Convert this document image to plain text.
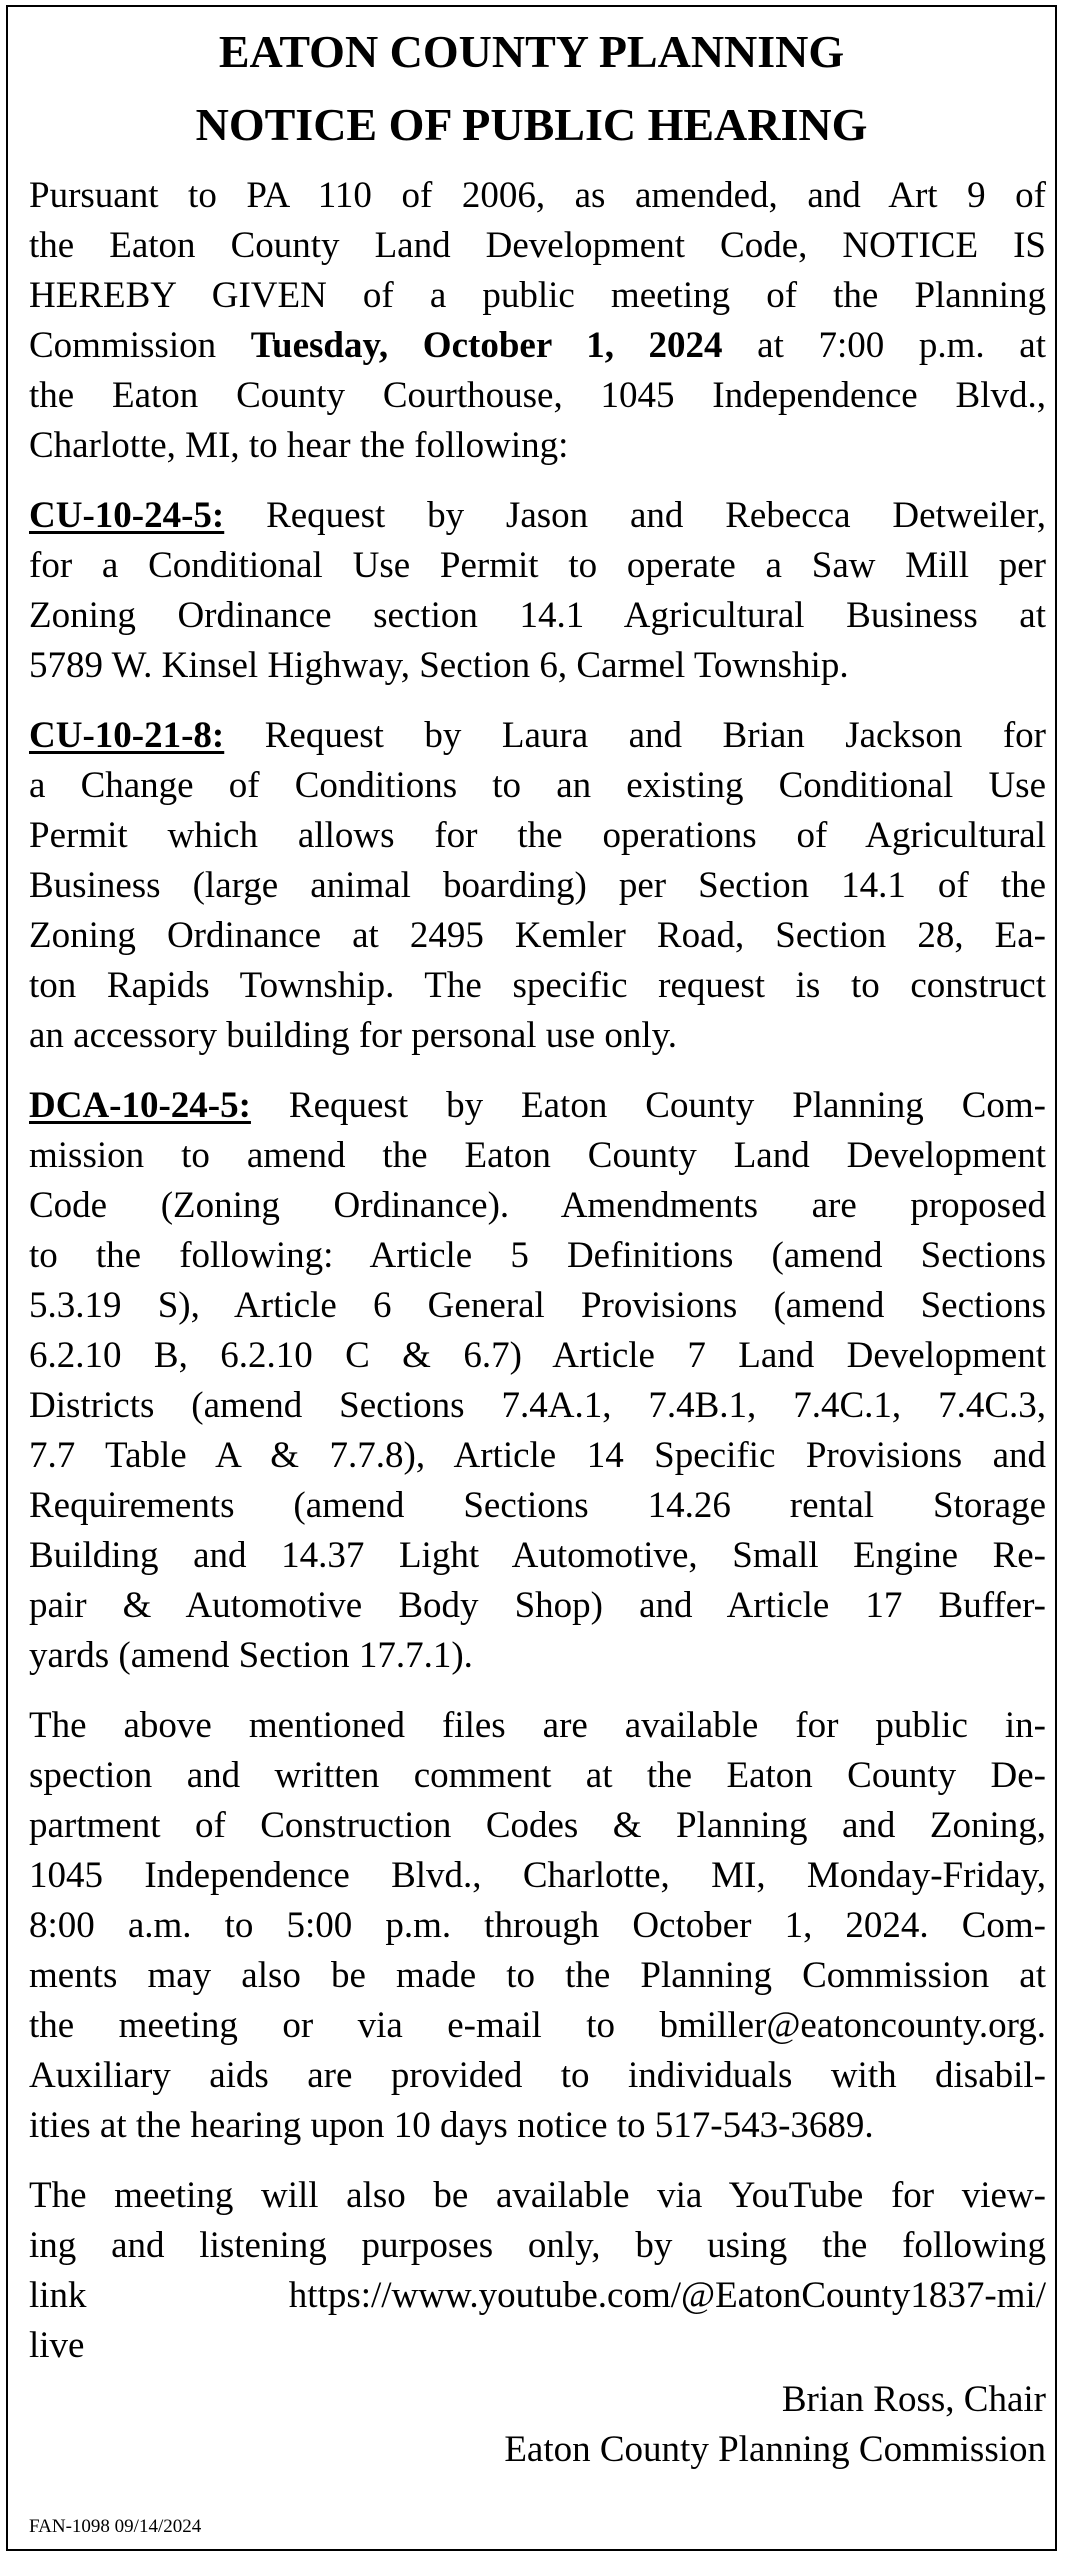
EATON COUNTY PLANNING
NOTICE OF PUBLIC HEARING
Pursuant to PA 110 of 2006, as amended, and Art 9 of
the Eaton County Land Development Code, NOTICE IS
HEREBY GIVEN of a public meeting of the Planning
Commission Tuesday, October 1, 2024 at 7:00 p.m. at
the Eaton County Courthouse, 1045 Independence Blvd.,
Charlotte, MI, to hear the following:
CU-10-24-5: Request by Jason and Rebecca Detweiler,
for a Conditional Use Permit to operate a Saw Mill per
Zoning Ordinance section 14.1 Agricultural Business at
5789 W. Kinsel Highway, Section 6, Carmel Township.
CU-10-21-8: Request by Laura and Brian Jackson for
a Change of Conditions to an existing Conditional Use
Permit which allows for the operations of Agricultural
Business (large animal boarding) per Section 14.1 of the
Zoning Ordinance at 2495 Kemler Road, Section 28, Ea-
ton Rapids Township. The specific request is to construct
an accessory building for personal use only.
DCA-10-24-5: Request by Eaton County Planning Com-
mission to amend the Eaton County Land Development
Code (Zoning Ordinance). Amendments are proposed
to the following: Article 5 Definitions (amend Sections
5.3.19 S), Article 6 General Provisions (amend Sections
6.2.10 B, 6.2.10 C & 6.7) Article 7 Land Development
Districts (amend Sections 7.4A.1, 7.4B.1, 7.4C.1, 7.4C.3,
7.7 Table A & 7.7.8), Article 14 Specific Provisions and
Requirements (amend Sections 14.26 rental Storage
Building and 14.37 Light Automotive, Small Engine Re-
pair & Automotive Body Shop) and Article 17 Buffer-
yards (amend Section 17.7.1).
The above mentioned files are available for public in-
spection and written comment at the Eaton County De-
partment of Construction Codes & Planning and Zoning,
1045 Independence Blvd., Charlotte, MI, Monday-Friday,
8:00 a.m. to 5:00 p.m. through October 1, 2024. Com-
ments may also be made to the Planning Commission at
the meeting or via e-mail to bmiller@eatoncounty.org.
Auxiliary aids are provided to individuals with disabil-
ities at the hearing upon 10 days notice to 517-543-3689.
The meeting will also be available via YouTube for view-
ing and listening purposes only, by using the following
link https://www.youtube.com/@EatonCounty1837-mi/
live
Brian Ross, Chair
Eaton County Planning Commission
FAN-1098 09/14/2024
